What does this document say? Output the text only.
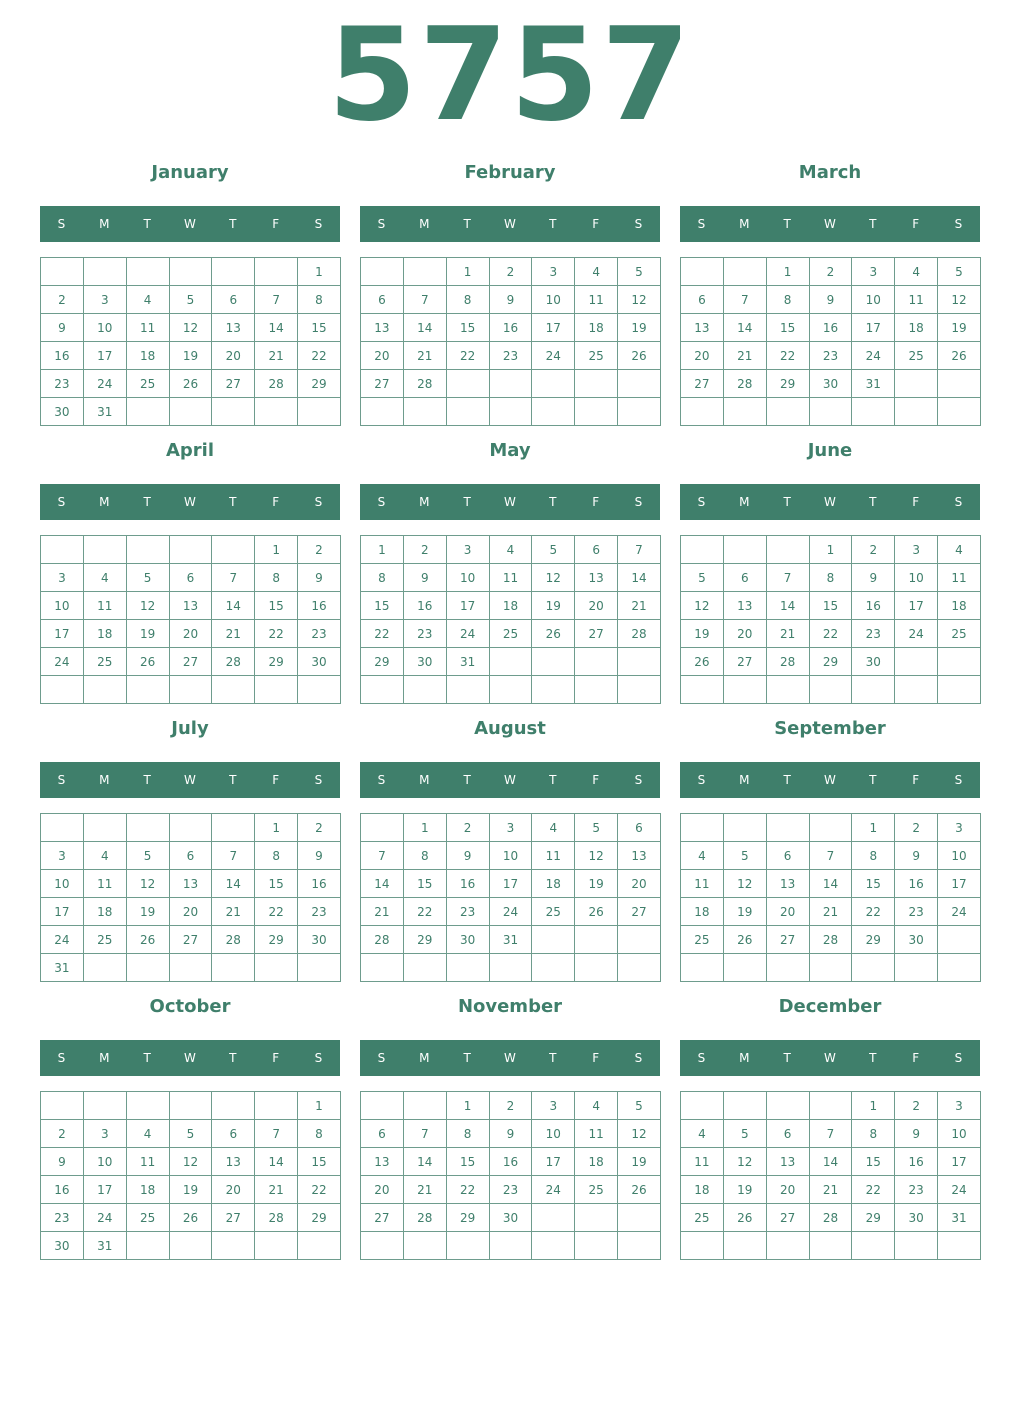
5757
January
S	M	T	W	T	F	S
						1
2	3	4	5	6	7	8
9	10	11	12	13	14	15
16	17	18	19	20	21	22
23	24	25	26	27	28	29
30	31					
February
S	M	T	W	T	F	S
		1	2	3	4	5
6	7	8	9	10	11	12
13	14	15	16	17	18	19
20	21	22	23	24	25	26
27	28					

March
S	M	T	W	T	F	S
		1	2	3	4	5
6	7	8	9	10	11	12
13	14	15	16	17	18	19
20	21	22	23	24	25	26
27	28	29	30	31		

April
S	M	T	W	T	F	S
					1	2
3	4	5	6	7	8	9
10	11	12	13	14	15	16
17	18	19	20	21	22	23
24	25	26	27	28	29	30

May
S	M	T	W	T	F	S
1	2	3	4	5	6	7
8	9	10	11	12	13	14
15	16	17	18	19	20	21
22	23	24	25	26	27	28
29	30	31				

June
S	M	T	W	T	F	S
			1	2	3	4
5	6	7	8	9	10	11
12	13	14	15	16	17	18
19	20	21	22	23	24	25
26	27	28	29	30		

July
S	M	T	W	T	F	S
					1	2
3	4	5	6	7	8	9
10	11	12	13	14	15	16
17	18	19	20	21	22	23
24	25	26	27	28	29	30
31						
August
S	M	T	W	T	F	S
	1	2	3	4	5	6
7	8	9	10	11	12	13
14	15	16	17	18	19	20
21	22	23	24	25	26	27
28	29	30	31			

September
S	M	T	W	T	F	S
				1	2	3
4	5	6	7	8	9	10
11	12	13	14	15	16	17
18	19	20	21	22	23	24
25	26	27	28	29	30	

October
S	M	T	W	T	F	S
						1
2	3	4	5	6	7	8
9	10	11	12	13	14	15
16	17	18	19	20	21	22
23	24	25	26	27	28	29
30	31					
November
S	M	T	W	T	F	S
		1	2	3	4	5
6	7	8	9	10	11	12
13	14	15	16	17	18	19
20	21	22	23	24	25	26
27	28	29	30			

December
S	M	T	W	T	F	S
				1	2	3
4	5	6	7	8	9	10
11	12	13	14	15	16	17
18	19	20	21	22	23	24
25	26	27	28	29	30	31
